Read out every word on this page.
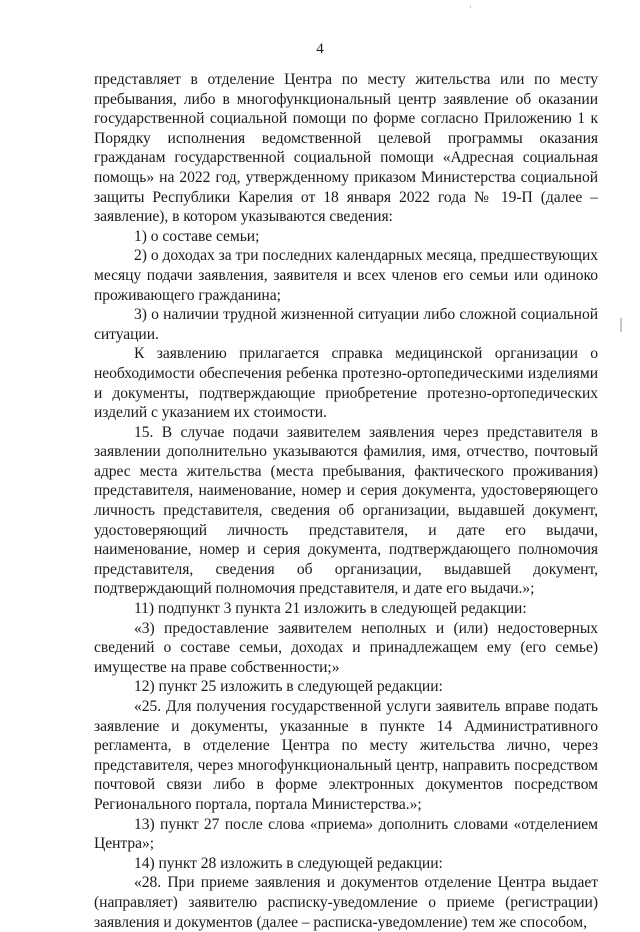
4

представляет в отделение Центра по месту жительства или по месту пребывания, либо в многофункциональный центр заявление об оказании государственной социальной помощи по форме согласно Приложению 1 к Порядку исполнения ведомственной целевой программы оказания гражданам государственной социальной помощи «Адресная социальная помощь» на 2022 год, утвержденному приказом Министерства социальной защиты Республики Карелия от 18 января 2022 года № 19-П (далее – заявление), в котором указываются сведения:

1) о составе семьи;

2) о доходах за три последних календарных месяца, предшествующих месяцу подачи заявления, заявителя и всех членов его семьи или одиноко проживающего гражданина;

3) о наличии трудной жизненной ситуации либо сложной социальной ситуации.

К заявлению прилагается справка медицинской организации о необходимости обеспечения ребенка протезно-ортопедическими изделиями и документы, подтверждающие приобретение протезно-ортопедических изделий с указанием их стоимости.

15. В случае подачи заявителем заявления через представителя в заявлении дополнительно указываются фамилия, имя, отчество, почтовый адрес места жительства (места пребывания, фактического проживания) представителя, наименование, номер и серия документа, удостоверяющего личность представителя, сведения об организации, выдавшей документ, удостоверяющий личность представителя, и дате его выдачи, наименование, номер и серия документа, подтверждающего полномочия представителя, сведения об организации, выдавшей документ, подтверждающий полномочия представителя, и дате его выдачи.»;

11) подпункт 3 пункта 21 изложить в следующей редакции:

«3) предоставление заявителем неполных и (или) недостоверных сведений о составе семьи, доходах и принадлежащем ему (его семье) имуществе на праве собственности;»

12) пункт 25 изложить в следующей редакции:

«25. Для получения государственной услуги заявитель вправе подать заявление и документы, указанные в пункте 14 Административного регламента, в отделение Центра по месту жительства лично, через представителя, через многофункциональный центр, направить посредством почтовой связи либо в форме электронных документов посредством Регионального портала, портала Министерства.»;

13) пункт 27 после слова «приема» дополнить словами «отделением Центра»;

14) пункт 28 изложить в следующей редакции:

«28. При приеме заявления и документов отделение Центра выдает (направляет) заявителю расписку-уведомление о приеме (регистрации) заявления и документов (далее – расписка-уведомление) тем же способом,
